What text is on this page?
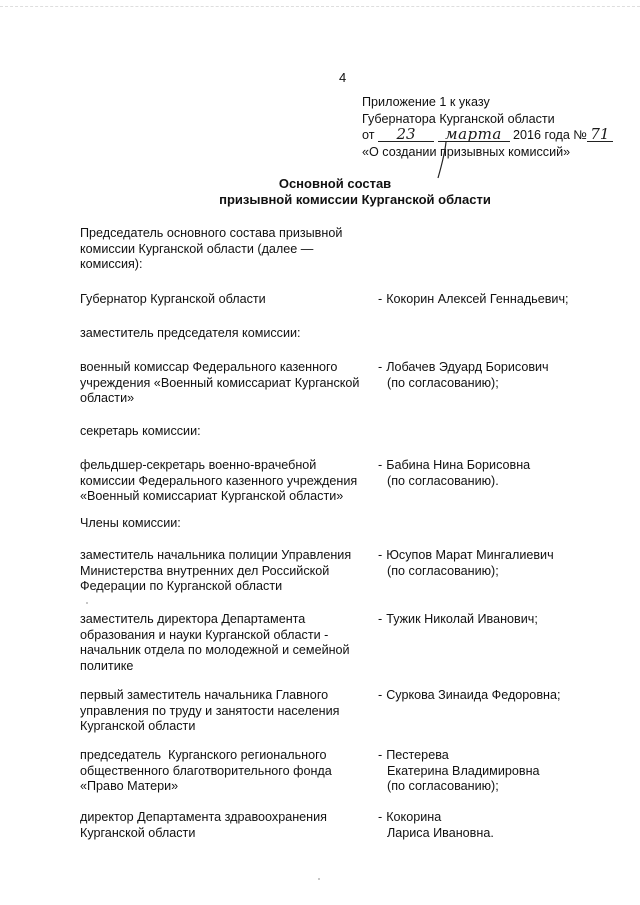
4
Приложение 1 к указу
Губернатора Курганской области
от 23 марта 2016 года № 71
«О создании призывных комиссий»
Основной состав
призывной комиссии Курганской области
Председатель основного состава призывной
комиссии Курганской области (далее —
комиссия):
Губернатор Курганской области	- Кокорин Алексей Геннадьевич;
заместитель председателя комиссии:
военный комиссар Федерального казенного
учреждения «Военный комиссариат Курганской
области»
- Лобачев Эдуард Борисович
(по согласованию);
секретарь комиссии:
фельдшер-секретарь военно-врачебной
комиссии Федерального казенного учреждения
«Военный комиссариат Курганской области»
- Бабина Нина Борисовна
(по согласованию).
Члены комиссии:
заместитель начальника полиции Управления
Министерства внутренних дел Российской
Федерации по Курганской области
- Юсупов Марат Мингалиевич
(по согласованию);
заместитель директора Департамента
образования и науки Курганской области -
начальник отдела по молодежной и семейной
политике
- Тужик Николай Иванович;
первый заместитель начальника Главного
управления по труду и занятости населения
Курганской области
- Суркова Зинаида Федоровна;
председатель  Курганского регионального
общественного благотворительного фонда
«Право Матери»
- Пестерева
Екатерина Владимировна
(по согласованию);
директор Департамента здравоохранения
Курганской области
- Кокорина
Лариса Ивановна.
